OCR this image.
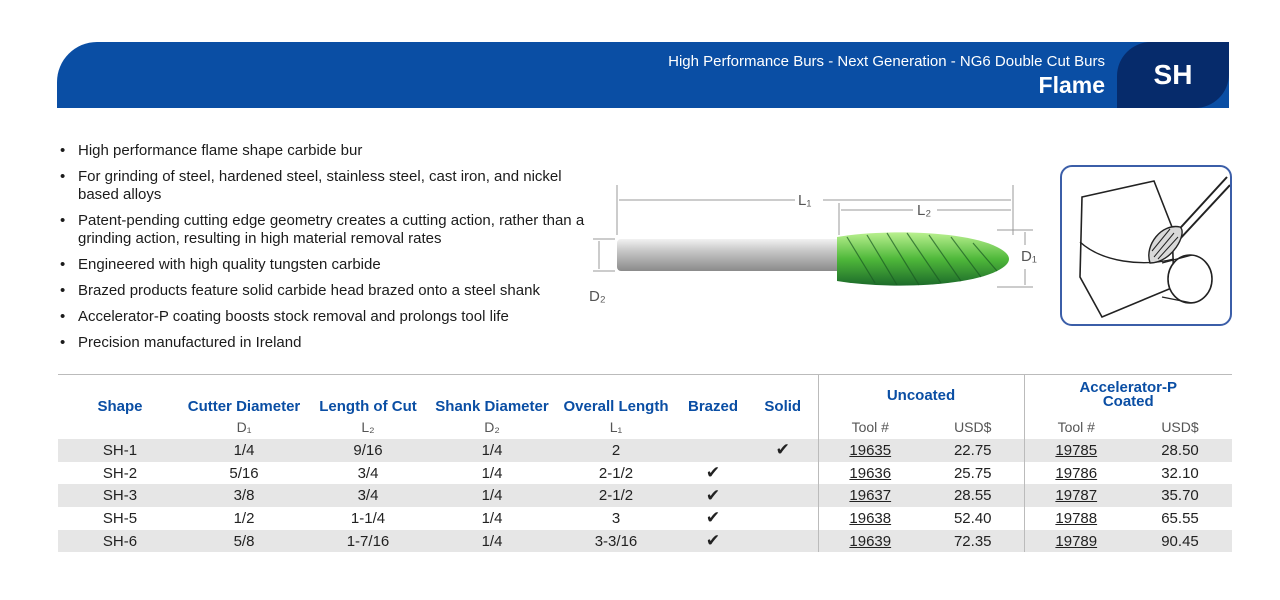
High Performance Burs - Next Generation - NG6 Double Cut Burs
Flame SH
• High performance flame shape carbide bur
• For grinding of steel, hardened steel, stainless steel, cast iron, and nickel based alloys
• Patent-pending cutting edge geometry creates a cutting action, rather than a grinding action, resulting in high material removal rates
• Engineered with high quality tungsten carbide
• Brazed products feature solid carbide head brazed onto a steel shank
• Accelerator-P coating boosts stock removal and prolongs tool life
• Precision manufactured in Ireland
L₁
L₂
D₂
D₁
Shape	Cutter Diameter	Length of Cut	Shank Diameter	Overall Length	Brazed	Solid	Uncoated		Accelerator-P
Coated	
	D₁	L₂	D₂	L₁			Tool #	USD$	Tool #	USD$
SH-1	1/4	9/16	1/4	2		✔	19635	22.75	19785	28.50
SH-2	5/16	3/4	1/4	2-1/2	✔		19636	25.75	19786	32.10
SH-3	3/8	3/4	1/4	2-1/2	✔		19637	28.55	19787	35.70
SH-5	1/2	1-1/4	1/4	3	✔		19638	52.40	19788	65.55
SH-6	5/8	1-7/16	1/4	3-3/16	✔		19639	72.35	19789	90.45
